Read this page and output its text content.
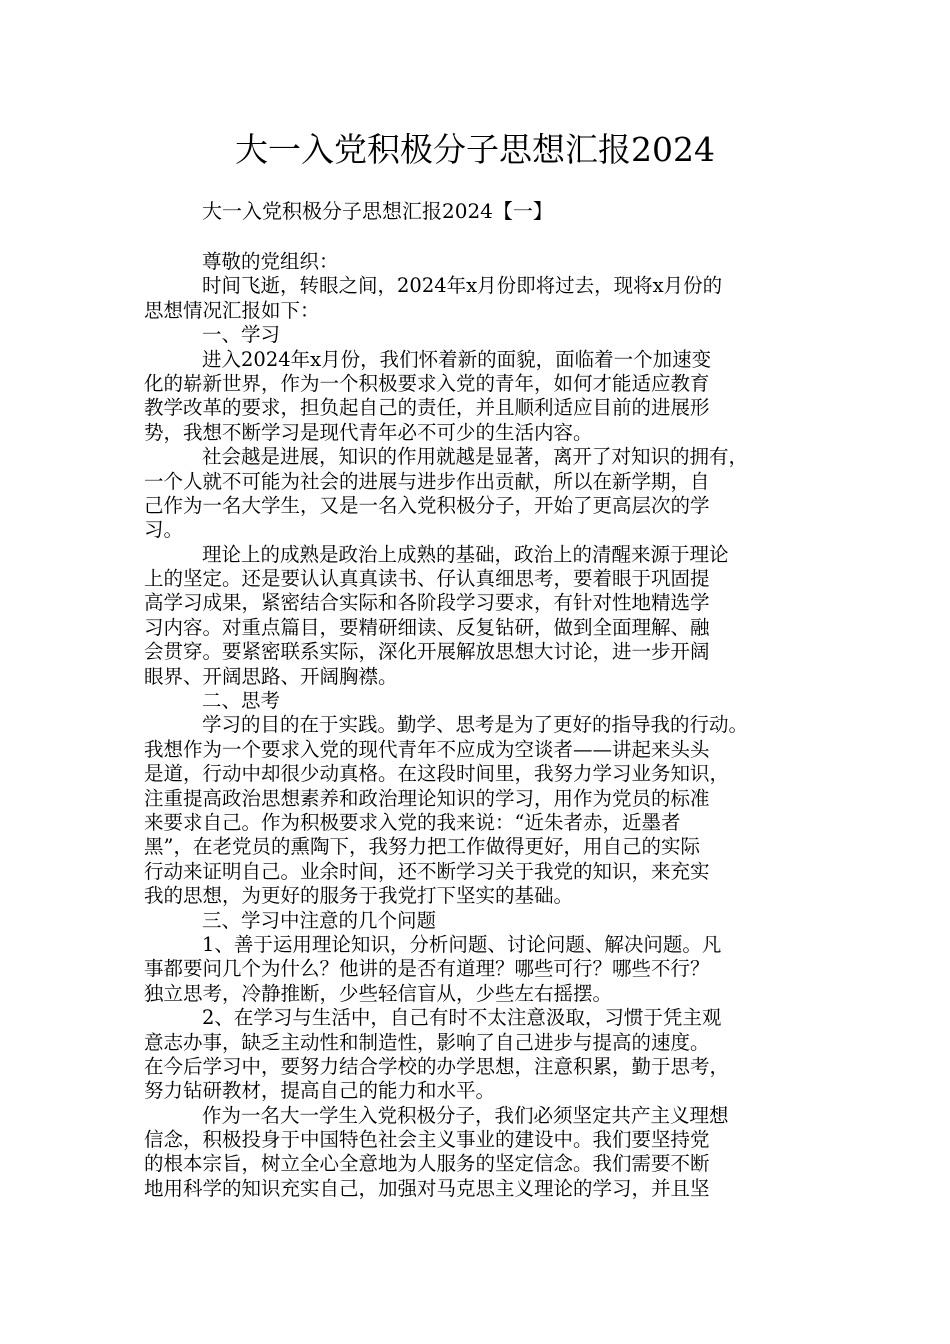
大一入党积极分子思想汇报2024
大一入党积极分子思想汇报2024【一】
尊敬的党组织：
时间飞逝，转眼之间，2024年x月份即将过去，现将x月份的
思想情况汇报如下：
一、学习
进入2024年x月份，我们怀着新的面貌，面临着一个加速变
化的崭新世界，作为一个积极要求入党的青年，如何才能适应教育
教学改革的要求，担负起自己的责任，并且顺利适应目前的进展形
势，我想不断学习是现代青年必不可少的生活内容。
社会越是进展，知识的作用就越是显著，离开了对知识的拥有，
一个人就不可能为社会的进展与进步作出贡献，所以在新学期，自
己作为一名大学生，又是一名入党积极分子，开始了更高层次的学
习。
理论上的成熟是政治上成熟的基础，政治上的清醒来源于理论
上的坚定。还是要认认真真读书、仔认真细思考，要着眼于巩固提
高学习成果，紧密结合实际和各阶段学习要求，有针对性地精选学
习内容。对重点篇目，要精研细读、反复钻研，做到全面理解、融
会贯穿。要紧密联系实际，深化开展解放思想大讨论，进一步开阔
眼界、开阔思路、开阔胸襟。
二、思考
学习的目的在于实践。勤学、思考是为了更好的指导我的行动。
我想作为一个要求入党的现代青年不应成为空谈者——讲起来头头
是道，行动中却很少动真格。在这段时间里，我努力学习业务知识，
注重提高政治思想素养和政治理论知识的学习，用作为党员的标准
来要求自己。作为积极要求入党的我来说：“近朱者赤，近墨者
黑”，在老党员的熏陶下，我努力把工作做得更好，用自己的实际
行动来证明自己。业余时间，还不断学习关于我党的知识，来充实
我的思想，为更好的服务于我党打下坚实的基础。
三、学习中注意的几个问题
1、善于运用理论知识，分析问题、讨论问题、解决问题。凡
事都要问几个为什么？他讲的是否有道理？哪些可行？哪些不行？
独立思考，冷静推断，少些轻信盲从，少些左右摇摆。
2、在学习与生活中，自己有时不太注意汲取，习惯于凭主观
意志办事，缺乏主动性和制造性，影响了自己进步与提高的速度。
在今后学习中，要努力结合学校的办学思想，注意积累，勤于思考，
努力钻研教材，提高自己的能力和水平。
作为一名大一学生入党积极分子，我们必须坚定共产主义理想
信念，积极投身于中国特色社会主义事业的建设中。我们要坚持党
的根本宗旨，树立全心全意地为人服务的坚定信念。我们需要不断
地用科学的知识充实自己，加强对马克思主义理论的学习，并且坚
